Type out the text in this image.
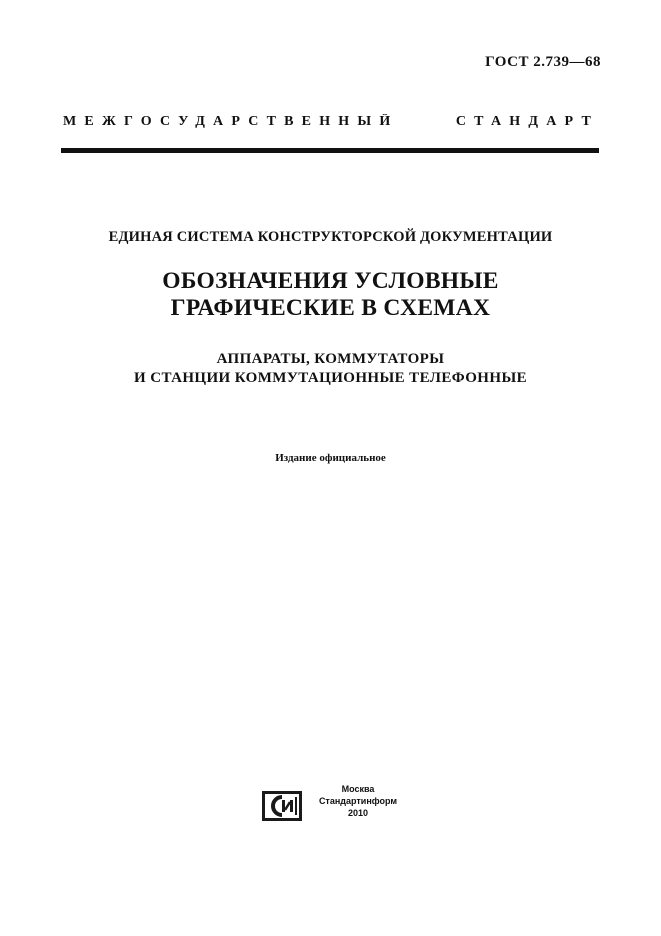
ГОСТ 2.739—68
МЕЖГОСУДАРСТВЕННЫЙ СТАНДАРТ
ЕДИНАЯ СИСТЕМА КОНСТРУКТОРСКОЙ ДОКУМЕНТАЦИИ
ОБОЗНАЧЕНИЯ УСЛОВНЫЕ
ГРАФИЧЕСКИЕ В СХЕМАХ
АППАРАТЫ, КОММУТАТОРЫ
И СТАНЦИИ КОММУТАЦИОННЫЕ ТЕЛЕФОННЫЕ
Издание официальное
Москва
Стандартинформ
2010
